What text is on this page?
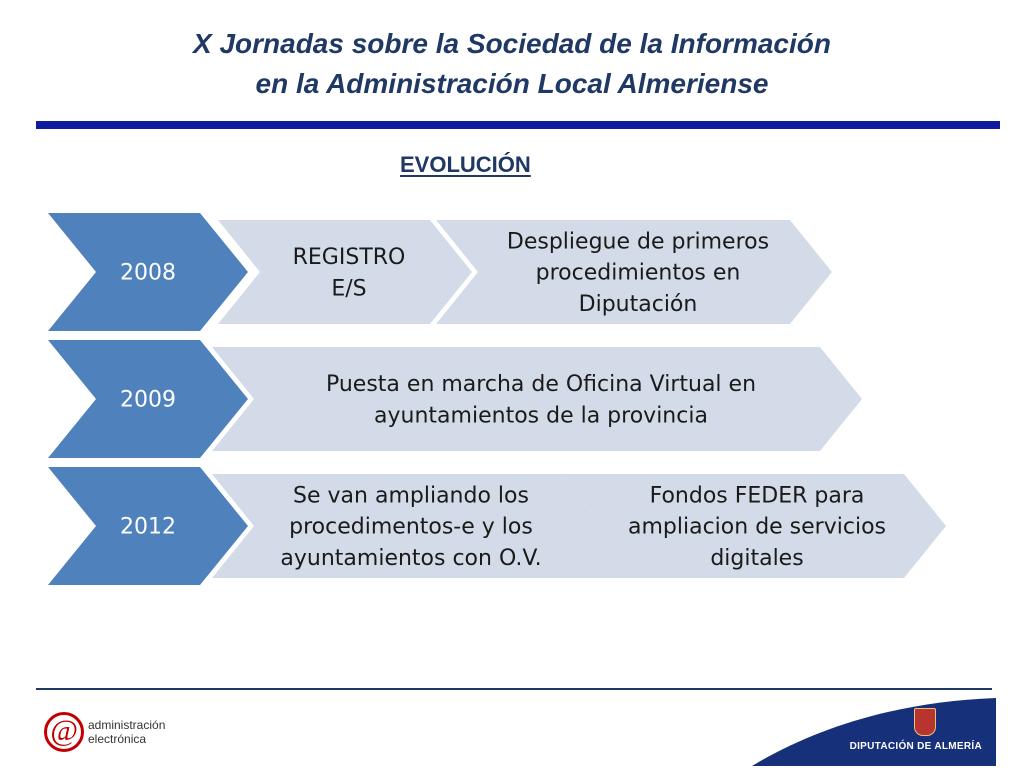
X Jornadas sobre la Sociedad de la Información
en la Administración Local Almeriense
EVOLUCIÓN
REGISTRO E/S
Despliegue de primeros procedimientos en Diputación
2008
Puesta en marcha de Oficina Virtual en ayuntamientos de la provincia
2009
Se van ampliando los procedimentos-e y los ayuntamientos con O.V.
Fondos FEDER para ampliacion de servicios digitales
2012
@ administración
electrónica
DIPUTACIÓN DE ALMERÍA
